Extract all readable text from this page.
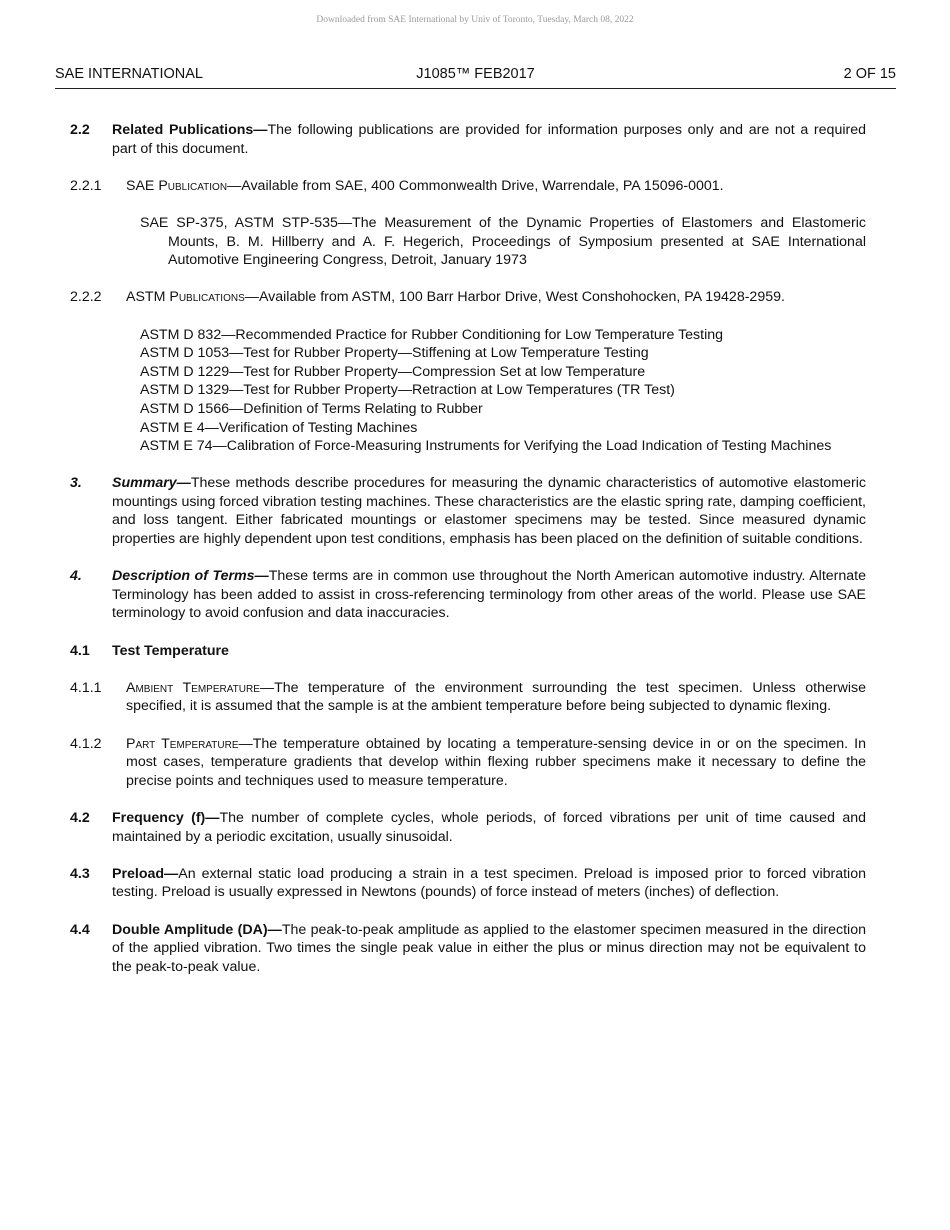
Downloaded from SAE International by Univ of Toronto, Tuesday, March 08, 2022
SAE INTERNATIONAL	J1085™ FEB2017	2 OF 15
2.2 Related Publications—The following publications are provided for information purposes only and are not a required part of this document.
2.2.1 SAE Publication—Available from SAE, 400 Commonwealth Drive, Warrendale, PA 15096-0001.
SAE SP-375, ASTM STP-535—The Measurement of the Dynamic Properties of Elastomers and Elastomeric Mounts, B. M. Hillberry and A. F. Hegerich, Proceedings of Symposium presented at SAE International Automotive Engineering Congress, Detroit, January 1973
2.2.2 ASTM Publications—Available from ASTM, 100 Barr Harbor Drive, West Conshohocken, PA 19428-2959.
ASTM D 832—Recommended Practice for Rubber Conditioning for Low Temperature Testing
ASTM D 1053—Test for Rubber Property—Stiffening at Low Temperature Testing
ASTM D 1229—Test for Rubber Property—Compression Set at low Temperature
ASTM D 1329—Test for Rubber Property—Retraction at Low Temperatures (TR Test)
ASTM D 1566—Definition of Terms Relating to Rubber
ASTM E 4—Verification of Testing Machines
ASTM E 74—Calibration of Force-Measuring Instruments for Verifying the Load Indication of Testing Machines
3. Summary—These methods describe procedures for measuring the dynamic characteristics of automotive elastomeric mountings using forced vibration testing machines. These characteristics are the elastic spring rate, damping coefficient, and loss tangent. Either fabricated mountings or elastomer specimens may be tested. Since measured dynamic properties are highly dependent upon test conditions, emphasis has been placed on the definition of suitable conditions.
4. Description of Terms—These terms are in common use throughout the North American automotive industry. Alternate Terminology has been added to assist in cross-referencing terminology from other areas of the world. Please use SAE terminology to avoid confusion and data inaccuracies.
4.1 Test Temperature
4.1.1 Ambient Temperature—The temperature of the environment surrounding the test specimen. Unless otherwise specified, it is assumed that the sample is at the ambient temperature before being subjected to dynamic flexing.
4.1.2 Part Temperature—The temperature obtained by locating a temperature-sensing device in or on the specimen. In most cases, temperature gradients that develop within flexing rubber specimens make it necessary to define the precise points and techniques used to measure temperature.
4.2 Frequency (f)—The number of complete cycles, whole periods, of forced vibrations per unit of time caused and maintained by a periodic excitation, usually sinusoidal.
4.3 Preload—An external static load producing a strain in a test specimen. Preload is imposed prior to forced vibration testing. Preload is usually expressed in Newtons (pounds) of force instead of meters (inches) of deflection.
4.4 Double Amplitude (DA)—The peak-to-peak amplitude as applied to the elastomer specimen measured in the direction of the applied vibration. Two times the single peak value in either the plus or minus direction may not be equivalent to the peak-to-peak value.
